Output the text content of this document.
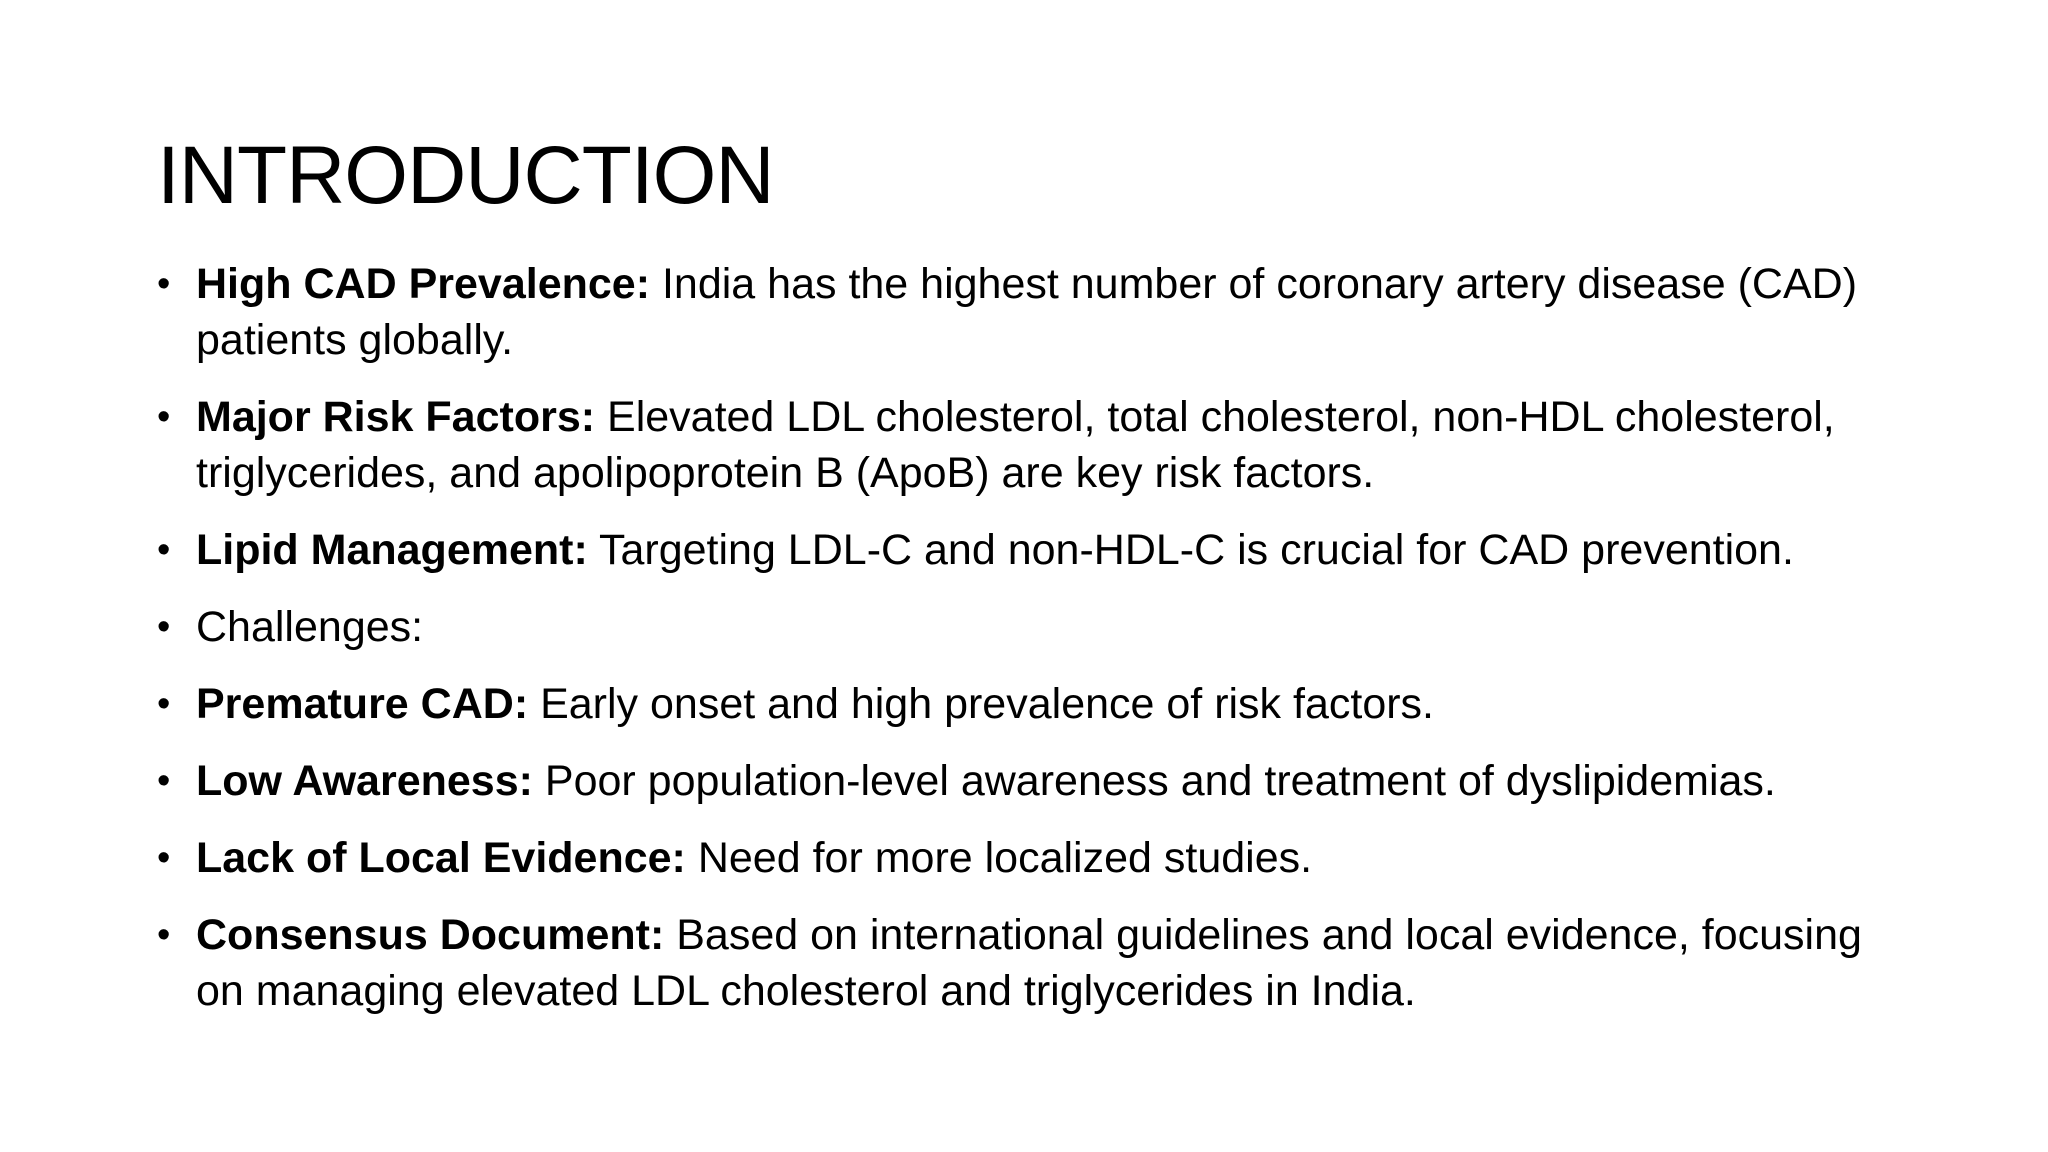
INTRODUCTION
• High CAD Prevalence: India has the highest number of coronary artery disease (CAD) patients globally.
• Major Risk Factors: Elevated LDL cholesterol, total cholesterol, non-HDL cholesterol, triglycerides, and apolipoprotein B (ApoB) are key risk factors.
• Lipid Management: Targeting LDL-C and non-HDL-C is crucial for CAD prevention.
• Challenges:
• Premature CAD: Early onset and high prevalence of risk factors.
• Low Awareness: Poor population-level awareness and treatment of dyslipidemias.
• Lack of Local Evidence: Need for more localized studies.
• Consensus Document: Based on international guidelines and local evidence, focusing on managing elevated LDL cholesterol and triglycerides in India.
